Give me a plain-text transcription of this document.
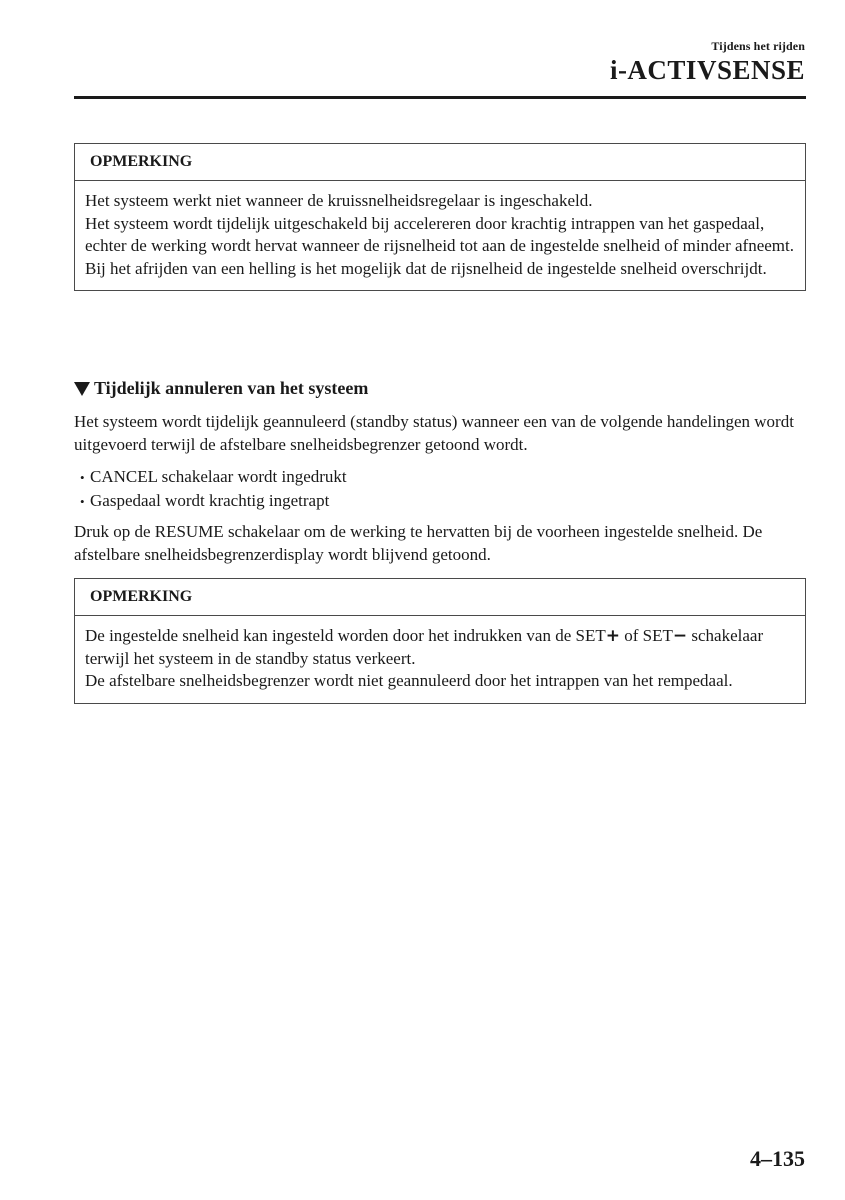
Tijdens het rijden
i-ACTIVSENSE
OPMERKING

Het systeem werkt niet wanneer de kruissnelheidsregelaar is ingeschakeld.

Het systeem wordt tijdelijk uitgeschakeld bij accelereren door krachtig intrappen van het gaspedaal, echter de werking wordt hervat wanneer de rijsnelheid tot aan de ingestelde snelheid of minder afneemt.

Bij het afrijden van een helling is het mogelijk dat de rijsnelheid de ingestelde snelheid overschrijdt.

Tijdelijk annuleren van het systeem

Het systeem wordt tijdelijk geannuleerd (standby status) wanneer een van de volgende handelingen wordt uitgevoerd terwijl de afstelbare snelheidsbegrenzer getoond wordt.

• CANCEL schakelaar wordt ingedrukt
• Gaspedaal wordt krachtig ingetrapt

Druk op de RESUME schakelaar om de werking te hervatten bij de voorheen ingestelde snelheid. De afstelbare snelheidsbegrenzerdisplay wordt blijvend getoond.

OPMERKING

De ingestelde snelheid kan ingesteld worden door het indrukken van de SET+ of SET− schakelaar terwijl het systeem in de standby status verkeert.

De afstelbare snelheidsbegrenzer wordt niet geannuleerd door het intrappen van het rempedaal.

4–135
